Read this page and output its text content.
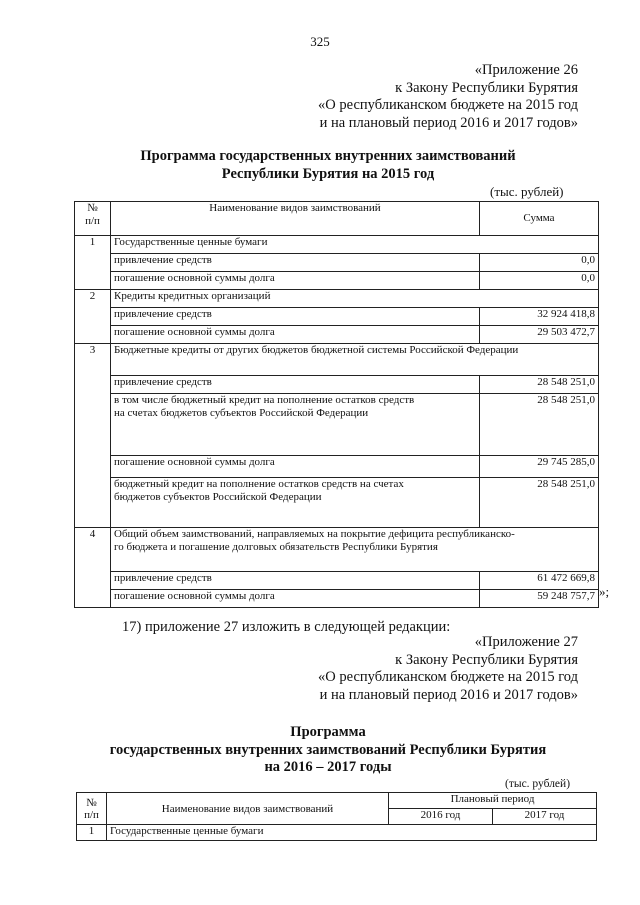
325
«Приложение 26
к Закону Республики Бурятия
«О республиканском бюджете на 2015 год
и на плановый период 2016 и 2017 годов»
Программа государственных внутренних заимствований
Республики Бурятия на 2015 год
(тыс. рублей)
№
п/п	Наименование видов заимствований	Сумма
1	Государственные ценные бумаги	
	привлечение средств	0,0
	погашение основной суммы долга	0,0
2	Кредиты кредитных организаций	
	привлечение средств	32 924 418,8
	погашение основной суммы долга	29 503 472,7
3	Бюджетные кредиты от других бюджетов бюджетной системы Российской Федерации	
	привлечение средств	28 548 251,0
	в том числе бюджетный кредит на пополнение остатков средств
на счетах бюджетов субъектов Российской Федерации	28 548 251,0
	погашение основной суммы долга	29 745 285,0
	бюджетный кредит на пополнение остатков средств на счетах
бюджетов субъектов Российской Федерации	28 548 251,0
4	Общий объем заимствований, направляемых на покрытие дефицита республиканско-
го бюджета и погашение долговых обязательств Республики Бурятия	
	привлечение средств	61 472 669,8
	погашение основной суммы долга	59 248 757,7 »;
17) приложение 27 изложить в следующей редакции:
«Приложение 27
к Закону Республики Бурятия
«О республиканском бюджете на 2015 год
и на плановый период 2016 и 2017 годов»
Программа
государственных внутренних заимствований Республики Бурятия
на 2016 – 2017 годы
(тыс. рублей)
№
п/п	Наименование видов заимствований	Плановый период	
		2016 год	2017 год
1	Государственные ценные бумаги		
